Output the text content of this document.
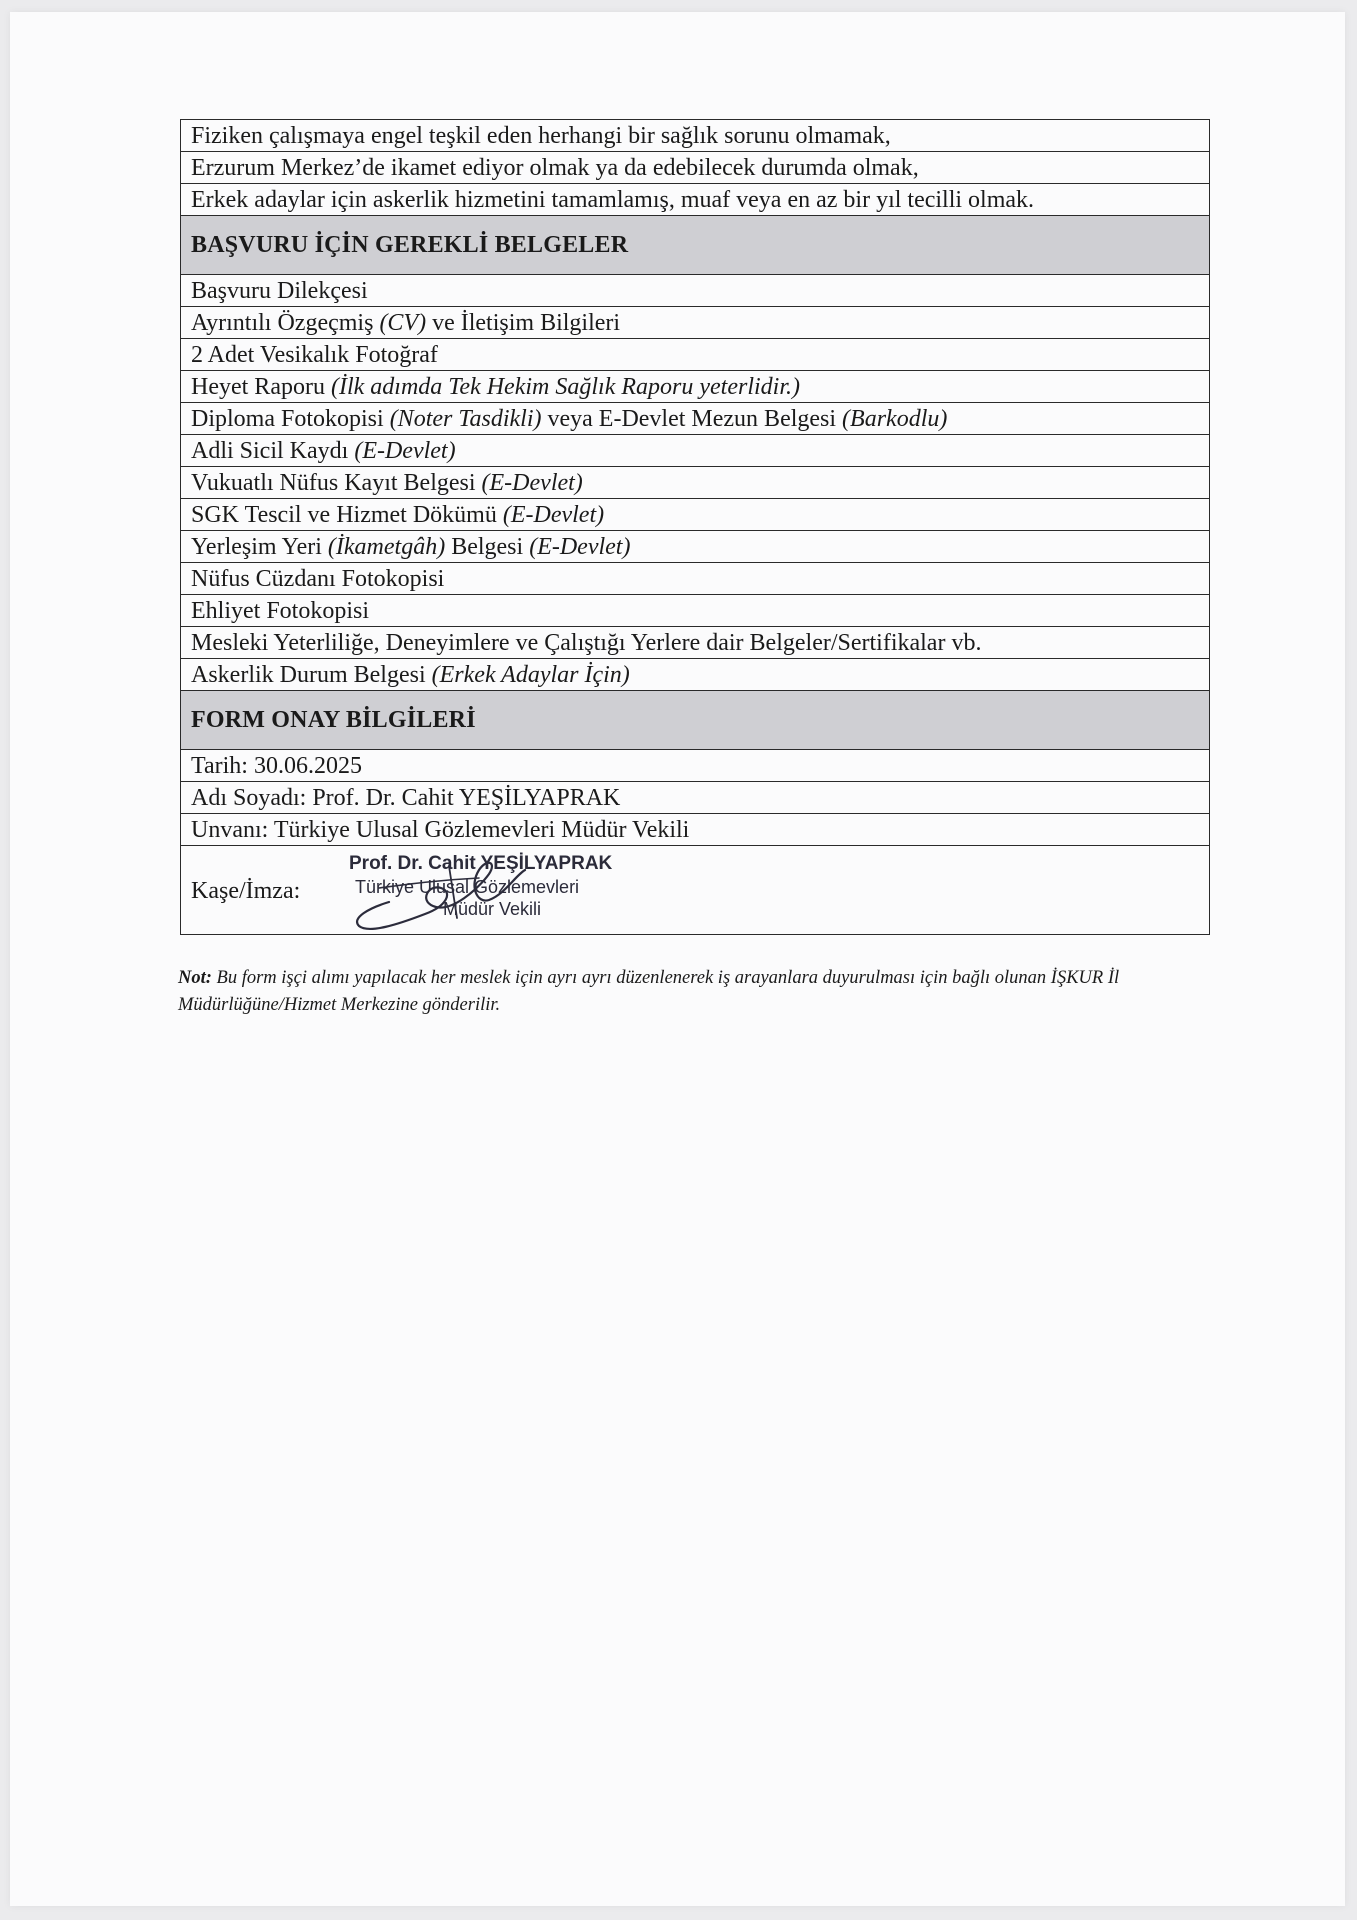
Fiziken çalışmaya engel teşkil eden herhangi bir sağlık sorunu olmamak,
Erzurum Merkez’de ikamet ediyor olmak ya da edebilecek durumda olmak,
Erkek adaylar için askerlik hizmetini tamamlamış, muaf veya en az bir yıl tecilli olmak.
BAŞVURU İÇİN GEREKLİ BELGELER
Başvuru Dilekçesi
Ayrıntılı Özgeçmiş (CV) ve İletişim Bilgileri
2 Adet Vesikalık Fotoğraf
Heyet Raporu (İlk adımda Tek Hekim Sağlık Raporu yeterlidir.)
Diploma Fotokopisi (Noter Tasdikli) veya E-Devlet Mezun Belgesi (Barkodlu)
Adli Sicil Kaydı (E-Devlet)
Vukuatlı Nüfus Kayıt Belgesi (E-Devlet)
SGK Tescil ve Hizmet Dökümü (E-Devlet)
Yerleşim Yeri (İkametgâh) Belgesi (E-Devlet)
Nüfus Cüzdanı Fotokopisi
Ehliyet Fotokopisi
Mesleki Yeterliliğe, Deneyimlere ve Çalıştığı Yerlere dair Belgeler/Sertifikalar vb.
Askerlik Durum Belgesi (Erkek Adaylar İçin)
FORM ONAY BİLGİLERİ
Tarih: 30.06.2025
Adı Soyadı: Prof. Dr. Cahit YEŞİLYAPRAK
Unvanı: Türkiye Ulusal Gözlemevleri Müdür Vekili
Kaşe/İmza:
Prof. Dr. Cahit YEŞİLYAPRAK
Türkiye Ulusal Gözlemevleri
Müdür Vekili
Not: Bu form işçi alımı yapılacak her meslek için ayrı ayrı düzenlenerek iş arayanlara duyurulması için bağlı olunan İŞKUR İl Müdürlüğüne/Hizmet Merkezine gönderilir.
